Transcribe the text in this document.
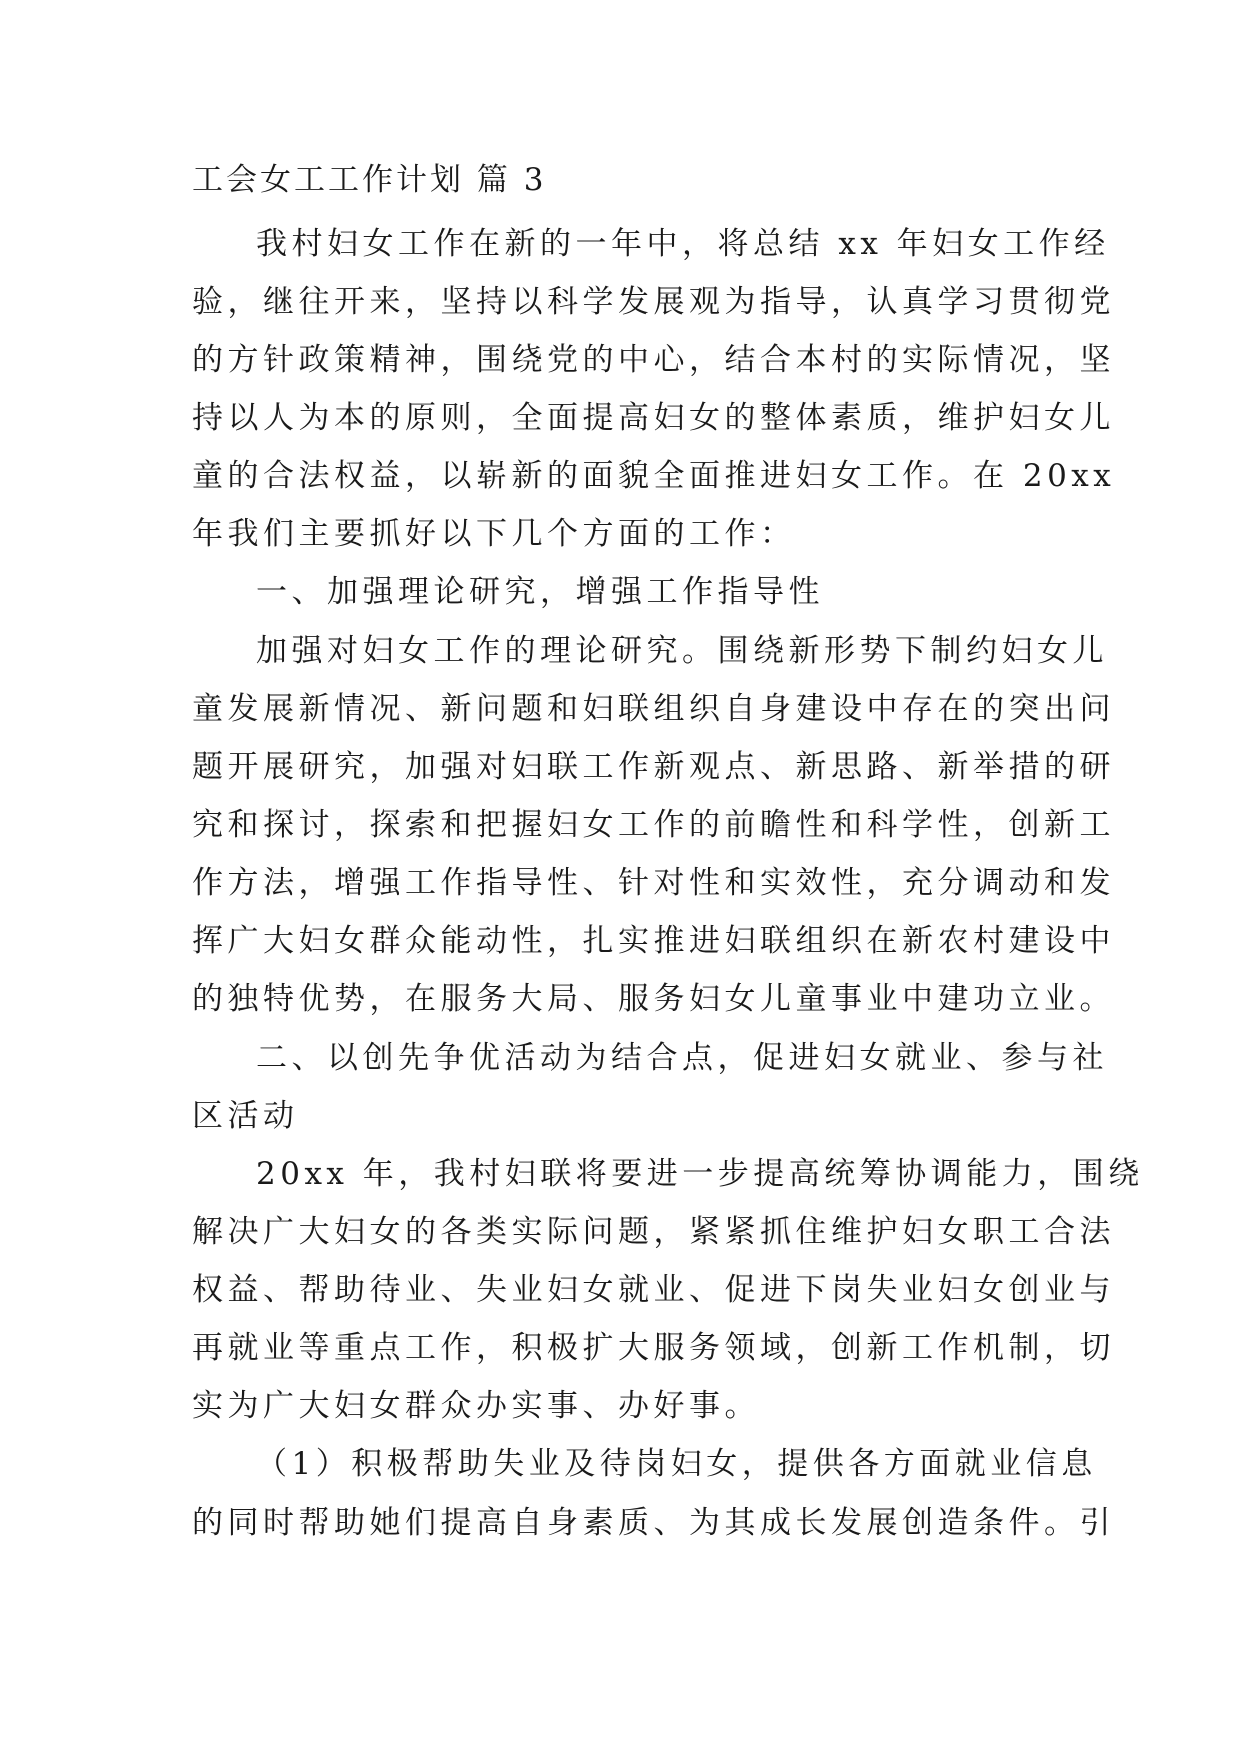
工会女工工作计划 篇 3
我村妇女工作在新的一年中，将总结 xx 年妇女工作经
验，继往开来，坚持以科学发展观为指导，认真学习贯彻党
的方针政策精神，围绕党的中心，结合本村的实际情况，坚
持以人为本的原则，全面提高妇女的整体素质，维护妇女儿
童的合法权益，以崭新的面貌全面推进妇女工作。在 20xx
年我们主要抓好以下几个方面的工作：
一、加强理论研究，增强工作指导性
加强对妇女工作的理论研究。围绕新形势下制约妇女儿
童发展新情况、新问题和妇联组织自身建设中存在的突出问
题开展研究，加强对妇联工作新观点、新思路、新举措的研
究和探讨，探索和把握妇女工作的前瞻性和科学性，创新工
作方法，增强工作指导性、针对性和实效性，充分调动和发
挥广大妇女群众能动性，扎实推进妇联组织在新农村建设中
的独特优势，在服务大局、服务妇女儿童事业中建功立业。
二、以创先争优活动为结合点，促进妇女就业、参与社
区活动
20xx 年，我村妇联将要进一步提高统筹协调能力，围绕
解决广大妇女的各类实际问题，紧紧抓住维护妇女职工合法
权益、帮助待业、失业妇女就业、促进下岗失业妇女创业与
再就业等重点工作，积极扩大服务领域，创新工作机制，切
实为广大妇女群众办实事、办好事。
（1）积极帮助失业及待岗妇女，提供各方面就业信息
的同时帮助她们提高自身素质、为其成长发展创造条件。引
